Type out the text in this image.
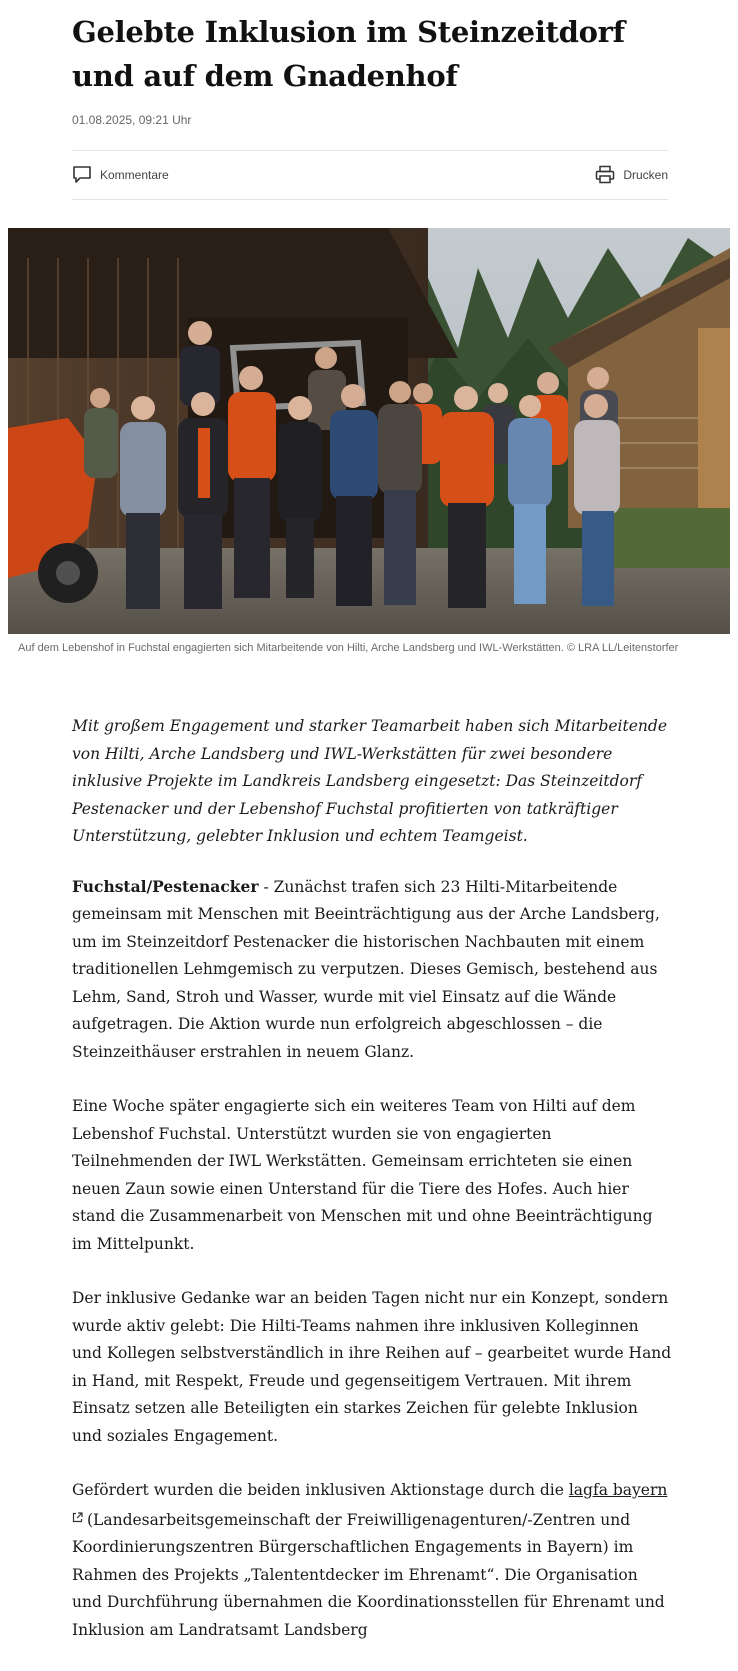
Gelebte Inklusion im Steinzeitdorf und auf dem Gnadenhof
01.08.2025, 09:21 Uhr
Kommentare	Drucken
Auf dem Lebenshof in Fuchstal engagierten sich Mitarbeitende von Hilti, Arche Landsberg und IWL-Werkstätten. © LRA LL/Leitenstorfer

Mit großem Engagement und starker Teamarbeit haben sich Mitarbeitende von Hilti, Arche Landsberg und IWL-Werkstätten für zwei besondere inklusive Projekte im Landkreis Landsberg eingesetzt: Das Steinzeitdorf Pestenacker und der Lebenshof Fuchstal profitierten von tatkräftiger Unterstützung, gelebter Inklusion und echtem Teamgeist.

Fuchstal/Pestenacker - Zunächst trafen sich 23 Hilti-Mitarbeitende gemeinsam mit Menschen mit Beeinträchtigung aus der Arche Landsberg, um im Steinzeitdorf Pestenacker die historischen Nachbauten mit einem traditionellen Lehmgemisch zu verputzen. Dieses Gemisch, bestehend aus Lehm, Sand, Stroh und Wasser, wurde mit viel Einsatz auf die Wände aufgetragen. Die Aktion wurde nun erfolgreich abgeschlossen – die Steinzeithäuser erstrahlen in neuem Glanz.

Eine Woche später engagierte sich ein weiteres Team von Hilti auf dem Lebenshof Fuchstal. Unterstützt wurden sie von engagierten Teilnehmenden der IWL Werkstätten. Gemeinsam errichteten sie einen neuen Zaun sowie einen Unterstand für die Tiere des Hofes. Auch hier stand die Zusammenarbeit von Menschen mit und ohne Beeinträchtigung im Mittelpunkt.

Der inklusive Gedanke war an beiden Tagen nicht nur ein Konzept, sondern wurde aktiv gelebt: Die Hilti-Teams nahmen ihre inklusiven Kolleginnen und Kollegen selbstverständlich in ihre Reihen auf – gearbeitet wurde Hand in Hand, mit Respekt, Freude und gegenseitigem Vertrauen. Mit ihrem Einsatz setzen alle Beteiligten ein starkes Zeichen für gelebte Inklusion und soziales Engagement.

Gefördert wurden die beiden inklusiven Aktionstage durch die lagfa bayern
(Landesarbeitsgemeinschaft der Freiwilligenagenturen/-Zentren und Koordinierungszentren Bürgerschaftlichen Engagements in Bayern) im Rahmen des Projekts „Talententdecker im Ehrenamt“. Die Organisation und Durchführung übernahmen die Koordinationsstellen für Ehrenamt und Inklusion am Landratsamt Landsberg
